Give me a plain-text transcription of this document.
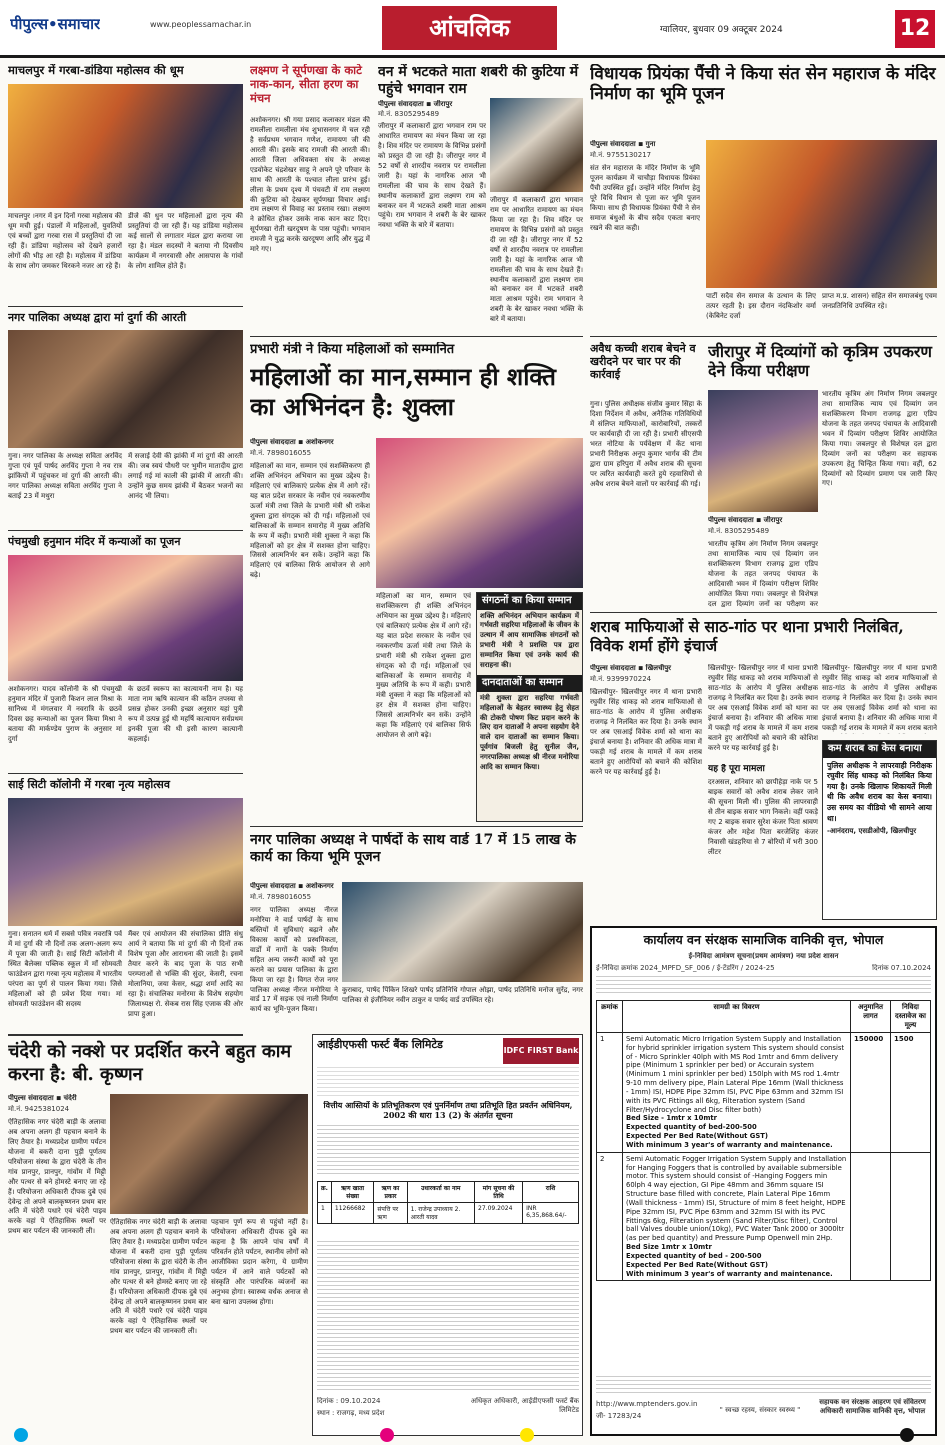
पीपुल्स•समाचार	www.peoplessamachar.in	आंचलिक	ग्वालियर, बुधवार 09 अक्टूबर 2024	12
माचलपुर में गरबा-डांडिया महोत्सव की धूम
माचलपुर ।नगर में इन दिनों गरबा महोत्सव की धूम मची हुई। पंडालों में महिलाओं, युवतियों एवं बच्चों द्वारा गरबा रास में प्रस्तुतियां दी जा रही हैं। डांडिया महोत्सव को देखने हजारों लोगों की भीड़ आ रही है। महोत्सव में डांडिया के साथ लोग जमकर थिरकने नजर आ रहे हैं।
डीजे की धुन पर महिलाओं द्वारा नृत्य की प्रस्तुतियां दी जा रही हैं। यह डांडिया महोत्सव कई सालों से लगातार मंडल द्वारा कराया जा रहा है। मंडल सदस्यों ने बताया नौ दिवसीय कार्यक्रम में नगरवासी और आसपास के गांवों के लोग शामिल होते हैं।
नगर पालिका अध्यक्ष द्वारा मां दुर्गा की आरती
गुना। नगर पालिका के अध्यक्ष सविता अरविंद गुप्ता एवं पूर्व पार्षद अरविंद गुप्ता ने नव रात्र झांकियों में पहुंचकर मां दुर्गा की आरती की। नगर पालिका अध्यक्ष सविता अरविंद गुप्ता ने बताई 23 में मथुरा
में सजाई देवी की झांकी में मां दुर्गा की आरती की। जब स्वयं पौधरी पर भुमीन मातादीय द्वारा लगाई गई मां काली की झांकी में आरती की। उन्होंने कुछ समय झांकी में बैठकर भजनों का आनंद भी लिया।
पंचमुखी हनुमान मंदिर में कन्याओं का पूजन
अशोकनगर। यादव कॉलोनी के श्री पंचमुखी हनुमान मंदिर में पुजारी किशन लाल मिश्रा के सानिध्य में मंगलवार में नवरात्रि के छठवें दिवस छह कन्याओं का पूजन किया मिश्रा ने बताया की मार्कण्डेय पुराण के अनुसार मां दुर्गा
के छठवें स्वरूप का कात्यायनी नाम है। यह माता नाम ऋषि कात्यान की कठिन तपस्या से प्रसन्न होकर उनकी इच्छा अनुसार यहां पुत्री रूप में उत्पन्न हुई थी महर्षि कात्यायन सर्वप्रथम इनकी पूजा की थी इसी कारण कात्यानी कहलाई।
साई सिटी कॉलोनी में गरबा नृत्य महोत्सव
गुना। सनातन धर्म में सबसे पवित्र नवरात्रि पर्व में मां दुर्गा की नौ दिनों तक अलग-अलग रूप में पूजा की जाती है। साई सिटी कॉलोनी में स्थित बैलेक्स पब्लिक स्कूल में माँ सोमवती फाउंडेशन द्वारा गरबा नृत्य महोत्सव में भारतीय परंपरा का पूर्ण से पालन किया गया। जिसे महिलाओं को ही प्रवेश दिया गया। मां सोमवती फाउंडेशन की सदस्य
मैंबर एवं आयोजन की संचालिका प्रीति संधु आर्य ने बताया कि मां दुर्गा की नौ दिनों तक विशेष पूजा और आराधना की जाती है। इसमें तैयार करने के बाद पूजा के पाठ सभी परम्पराओं से भक्ति की सुंदर, केसरी, रचना मोलानिया, जया केसर, श्रद्धा शर्मा आदि का रहा है। संचालिका मनोरमा के विशेष सहयोग जिलाध्यक्ष रो. सेकब रास सिंह एजाक की ओर प्रापा हुआ।
लक्ष्मण ने सूर्पणखा के काटे नाक-कान, सीता हरण का मंचन
अशोकनगर। श्री गया प्रसाद कलाकार मंडल की रामलीला रामलीला मंच शुभासनगर में चल रही है सर्वप्रथम भगवान गणेश, रामायण जी की आरती की। इसके बाद रामजी की आरती की। आरती जिला अधिवक्ता संघ के अध्यक्ष एडवोकेट चंद्रशेखर साहू ने अपने पूरे परिवार के साथ की आरती के पश्चात लीला प्रारंभ हुई। लीला के प्रथम दृश्य में पंचवटी में राम लक्ष्मण की कुटिया को देखकर सूर्पणखा विचार आई। राम लक्ष्मण से विवाह का प्रस्ताव रखा। लक्ष्मण ने क्रोधित होकर उसके नाक कान काट दिए। सूर्पणखा रोती खरदूषण के पास पहुंची। भगवान रामजी ने युद्ध करके खरदूषण आदि और युद्ध में मारे गए।
वन में भटकते माता शबरी की कुटिया में पहुंचे भगवान राम
पीपुल्स संवाददाता ◾ जीरापुर
मो.नं. 8305295489
जीरापुर में कलाकारों द्वारा भगवान राम पर आधारित रामायण का मंचन किया जा रहा है। शिव मंदिर पर रामायण के विभिन्न प्रसंगों को प्रस्तुत दी जा रही है। जीरापुर नगर में 52 वर्षों से शारदीय नवरात्र पर रामलीला जारी है। यहां के नागरिक आज भी रामलीला की चाव के साथ देखते हैं। स्थानीय कलाकारों द्वारा लक्ष्मण राम को बनाकर वन में भटकते शबरी माता आश्रम पहुंचे। राम भगवान ने शबरी के बेर खाकर नवधा भक्ति के बारे में बताया।
जीरापुर में कलाकारों द्वारा भगवान राम पर आधारित रामायण का मंचन किया जा रहा है। शिव मंदिर पर रामायण के विभिन्न प्रसंगों को प्रस्तुत दी जा रही है। जीरापुर नगर में 52 वर्षों से शारदीय नवरात्र पर रामलीला जारी है। यहां के नागरिक आज भी रामलीला की चाव के साथ देखते हैं। स्थानीय कलाकारों द्वारा लक्ष्मण राम को बनाकर वन में भटकते शबरी माता आश्रम पहुंचे। राम भगवान ने शबरी के बेर खाकर नवधा भक्ति के बारे में बताया।
प्रभारी मंत्री ने किया महिलाओं को सम्मानित
महिलाओं का मान,सम्मान ही शक्ति का अभिनंदन है: शुक्ला
पीपुल्स संवाददाता ◾ अशोकनगर
मो.नं. 7898016055
महिलाओं का मान, सम्मान एवं सशक्तिकरण ही शक्ति अभिनंदन अभियान का मुख्य उद्देश्य है। महिलाएं एवं बालिकाएं प्रत्येक क्षेत्र में आगे रहें। यह बात प्रदेश सरकार के नवीन एवं नवकरणीय ऊर्जा मंत्री तथा जिले के प्रभारी मंत्री श्री राकेश शुक्ला द्वारा संगठ्क को दी गई। महिलाओं एवं बालिकाओं के सम्मान समारोह में मुख्य अतिथि के रूप में कही। प्रभारी मंत्री शुक्ला ने कहा कि महिलाओं को हर क्षेत्र में सशक्त होना चाहिए। जिससे आत्मनिर्भर बन सकें। उन्होंने कहा कि महिलाएं एवं बालिका सिर्फ आयोजन से आगे बढ़े।
महिलाओं का मान, सम्मान एवं सशक्तिकरण ही शक्ति अभिनंदन अभियान का मुख्य उद्देश्य है। महिलाएं एवं बालिकाएं प्रत्येक क्षेत्र में आगे रहें। यह बात प्रदेश सरकार के नवीन एवं नवकरणीय ऊर्जा मंत्री तथा जिले के प्रभारी मंत्री श्री राकेश शुक्ला द्वारा संगठ्क को दी गई। महिलाओं एवं बालिकाओं के सम्मान समारोह में मुख्य अतिथि के रूप में कही। प्रभारी मंत्री शुक्ला ने कहा कि महिलाओं को हर क्षेत्र में सशक्त होना चाहिए। जिससे आत्मनिर्भर बन सकें। उन्होंने कहा कि महिलाएं एवं बालिका सिर्फ आयोजन से आगे बढ़े।
संगठनों का किया सम्मान
शक्ति अभिनंदन अभियान कार्यक्रम में गर्भवती सहरिया महिलाओं के जीवन के उत्थान में आय सामाजिक संगठनों को प्रभारी मंत्री ने प्रशस्ति पत्र द्वारा सम्मानित किया एवं उनके कार्य की सराहना की।
दानदाताओं का सम्मान
मंत्री शुक्ला द्वारा सहरिया गर्भवती महिलाओं के बेहतर स्वास्थ्य हेतु सेहत की टोकरी पोषण किट प्रदान करने के लिए दान दाताओं ने अपना सहयोग देने वाले दान दाताओं का सम्मान किया। पूर्वगांव बिजली हेतु सुनील जैन, नगरपालिका अध्यक्ष श्री नीरज मनोरिया आदि का सम्मान किया।
नगर पालिका अध्यक्ष ने पार्षदों के साथ वार्ड 17 में 15 लाख के कार्य का किया भूमि पूजन
पीपुल्स संवाददाता ◾ अशोकनगर
मो.नं. 7898016055
नगर पालिका अध्यक्ष नीरज मनोरिया ने वार्ड पार्षदों के साथ बस्तियों में सुविधाएं बढ़ाने और विकास कार्यों को प्रस्थमिकता, वार्डों में नागों के पक्के निर्माण सहित अन्य जरूरी कार्यों को पूरा कराने का प्रयास पालिका के द्वारा किया जा रहा है। विगत रोज नगर पालिका अध्यक्ष नीरज मनोरिया ने वार्ड 17 में सड़क एवं नाली निर्माण कार्य का भूमि-पूजन किया।
कुराबाद, पार्षद पिंकिन शिखरे पार्षद प्रतिनिधि गोपाल ओझा, पार्षद प्रतिनिधि मनोज सुरेंद्र, नगर पालिका से इंजीनियर नवीन ठाकुर व पार्षद वार्ड उपस्थित रहे।
विधायक प्रियंका पैंची ने किया संत सेन महाराज के मंदिर निर्माण का भूमि पूजन
पीपुल्स संवाददाता ◾ गुना
मो.नं. 9755130217
संत सेन महाराज के मंदिर निर्माण के भूमि पूजन कार्यक्रम में चाचौड़ा विधायक प्रियंका पैंची उपस्थित हुईं। उन्होंने मंदिर निर्माण हेतु पूरे विधि विधान से पूजा कर भूमि पूजन किया। साथ ही विधायक प्रियंका पैंची ने सेन समाज बंधुओं के बीच सदैव एकता बनाए रखने की बात कही।
पार्टी सदैव सेन समाज के उत्थान के लिए तत्पर रहती है। इस दौरान नंदकिशोर वर्मा (केबिनेट दर्जा
प्राप्त म.प्र. शासन) सहित सेन समाजबंधु एवम जनप्रतिनिधि उपस्थित रहे।
अवैध कच्ची शराब बेचने व खरीदने पर चार पर की कार्रवाई
गुना। पुलिस अधीक्षक संजीव कुमार सिंहा के दिशा निर्देशन में अवैध, अनैतिक गतिविधियों में संलिप्त माफियाओं, कारोबारियों, तस्करों पर कार्यवाही दी जा रही है। प्रभारी सीएसपी भरत नोटिया के पर्यवेक्षण में केंट थाना प्रभारी निरीक्षक अनूप कुमार भार्गव की टीम द्वारा ग्राम हरिपुरा में अवैध शराब की सूचना पर त्वरित कार्यवाही करते हुये रहवासियों से अवैध शराब बेचने वालों पर कार्रवाई की गई।
जीरापुर में दिव्यांगों को कृत्रिम उपकरण देने किया परीक्षण
पीपुल्स संवाददाता ◾ जीरापुर
मो.नं. 8305295489
भारतीय कृत्रिम अंग निर्माण निगम जबलपुर तथा सामाजिक न्याय एवं दिव्यांग जन सशक्तिकरण विभाग राजगढ़ द्वारा एडिप योजना के तहत जनपद पंचायत के आदिवासी भवन में दिव्यांग परीक्षण शिविर आयोजित किया गया। जबलपुर से विशेषज्ञ दल द्वारा दिव्यांग जनों का परीक्षण कर
भारतीय कृत्रिम अंग निर्माण निगम जबलपुर तथा सामाजिक न्याय एवं दिव्यांग जन सशक्तिकरण विभाग राजगढ़ द्वारा एडिप योजना के तहत जनपद पंचायत के आदिवासी भवन में दिव्यांग परीक्षण शिविर आयोजित किया गया। जबलपुर से विशेषज्ञ दल द्वारा दिव्यांग जनों का परीक्षण कर सहायक उपकरण हेतु चिन्हित किया गया। वहीं, 62 दिव्यांगों को दिव्यांग प्रमाण पत्र जारी किए गए।
शराब माफियाओं से साठ-गांठ पर थाना प्रभारी निलंबित, विवेक शर्मा होंगे इंचार्ज
पीपुल्स संवाददाता ◾ खिलचीपुर
मो.नं. 9399970224
खिलचीपुर- खिलचीपुर नगर में थाना प्रभारी रघुवीर सिंह धाकड़ को शराब माफियाओं से साठ-गांठ के आरोप में पुलिस अधीक्षक राजगढ़ ने निलंबित कर दिया है। उनके स्थान पर अब एसआई विवेक शर्मा को थाना का इंचार्ज बनाया है। शनिवार की अधिक मात्रा में पकड़ी गई शराब के मामले में कम शराब बताने हुए आरोपियों को बचाने की कोशिश करने पर यह कार्रवाई हुई है।
खिलचीपुर- खिलचीपुर नगर में थाना प्रभारी रघुवीर सिंह धाकड़ को शराब माफियाओं से साठ-गांठ के आरोप में पुलिस अधीक्षक राजगढ़ ने निलंबित कर दिया है। उनके स्थान पर अब एसआई विवेक शर्मा को थाना का इंचार्ज बनाया है। शनिवार की अधिक मात्रा में पकड़ी गई शराब के मामले में कम शराब बताने हुए आरोपियों को बचाने की कोशिश करने पर यह कार्रवाई हुई है।
यह है पूरा मामला
दरअसल, शनिवार को छापीहेड़ा नाके पर 5 बाइक सवारों को अवैध शराब लेकर जाने की सूचना मिली थी। पुलिस की लापरवाही से तीन बाइक सवार भाग निकले। वहीं पकड़े गए 2 बाइक सवार सुरेश कंजर पिता श्रावण कंजर और महेश पिता बरजेशिंह कंजर निवासी खंडहरिया से 7 बोरियों में भरी 300 लीटर
खिलचीपुर- खिलचीपुर नगर में थाना प्रभारी रघुवीर सिंह धाकड़ को शराब माफियाओं से साठ-गांठ के आरोप में पुलिस अधीक्षक राजगढ़ ने निलंबित कर दिया है। उनके स्थान पर अब एसआई विवेक शर्मा को थाना का इंचार्ज बनाया है। शनिवार की अधिक मात्रा में पकड़ी गई शराब के मामले में कम शराब बताने
कम शराब का केस बनाया
पुलिस अधीक्षक ने लापरवाही निरीक्षक रघुवीर सिंह धाकड़ को निलंबित किया गया है। उनके खिलाफ शिकायतें मिली थी कि अवैध शराब का केस बनाया। उस समय का वीडियो भी सामने आया था।
-आनंदराय, एसडीओपी, खिलचीपुर
चंदेरी को नक्शे पर प्रदर्शित करने बहुत काम करना है: बी. कृष्णन
पीपुल्स संवाददाता ◾ चंदेरी
मो.नं. 9425381024
ऐतिहासिक नगर चंदेरी बाड़ी के अलावा अब अपना अलग ही पहचान बनाने के लिए तैयार है। मध्यप्रदेश ग्रामीण पर्यटन योजना में बकरी दाना पुड़ी पूर्णतय परियोजना संस्था के द्वारा चंदेरी के तीन गांव प्रानपुर, प्रानपुर, गांवोंम में मिट्टी और पत्थर से बने होमस्टे बनाए जा रहे हैं। परियोजना अधिकारी दीपक दुबे एवं देवेन्द्र तो अपने बालकृष्णनन प्रथम बार अति में चंदेरी पधारे एवं चंदेरी पाइव करके वहां पे ऐतिहासिक स्थलों पर प्रथम बार पर्यटन की जानकारी ली।
ऐतिहासिक नगर चंदेरी बाड़ी के अलावा अब अपना अलग ही पहचान बनाने के लिए तैयार है। मध्यप्रदेश ग्रामीण पर्यटन योजना में बकरी दाना पुड़ी पूर्णतय परियोजना संस्था के द्वारा चंदेरी के तीन गांव प्रानपुर, प्रानपुर, गांवोंम में मिट्टी और पत्थर से बने होमस्टे बनाए जा रहे हैं। परियोजना अधिकारी दीपक दुबे एवं देवेन्द्र तो अपने बालकृष्णनन प्रथम बार अति में चंदेरी पधारे एवं चंदेरी पाइव करके वहां पे ऐतिहासिक स्थलों पर प्रथम बार पर्यटन की जानकारी ली।
पहचान पूर्ण रूप से पहुंचो नहीं है। परियोजना अधिकारी दीपक दुबे का कहना है कि आपने पांच वर्षों में परिवर्तन होते पर्यटन, स्थानीय लोगों को आजीविका प्रदान करेगा, ये ग्रामीण पर्यटन में आने वाले पर्यटकों को संस्कृति और पारंपरिक व्यंजनों का अनुभव होगा। स्वास्थ्य वर्धक अनाज से बना खाना उपलब्ध होगा।
आईडीएफसी फर्स्ट बैंक लिमिटेड	IDFC FIRST Bank
वित्तीय आस्तियों के प्रतिभूतिकरण एवं पुनर्निर्माण तथा प्रतिभूति हित प्रवर्तन अधिनियम, 2002 की धारा 13 (2) के अंतर्गत सूचना
क्र.	ऋण खाता संख्या	ऋण का प्रकार	उधारकर्ता का नाम	मांग सूचना की तिथि	राशि
1	11266682	संपत्ति पर ऋण	1. राजेन्द्र उपाध्याय 2. आरती यादव	27.09.2024	INR 6,35,868.64/-
दिनांक : 09.10.2024
स्थान : राजगढ़, मध्य प्रदेश
अधिकृत अधिकारी, आईडीएफसी फर्स्ट बैंक लिमिटेड
कार्यालय वन संरक्षक सामाजिक वानिकी वृत्त, भोपाल
ई-निविदा आमंत्रण सूचना(प्रथम आमंत्रण) नया प्रदेश शासन
ई-निविदा क्रमांक 2024_MPFD_SF_006 / ई-टेंडरिंग / 2024-25	दिनांक 07.10.2024
क्रमांक	सामग्री का विवरण	अनुमानित लागत	निविदा दस्तावेज का मूल्य
1	Semi Automatic Micro Irrigation System Supply and Installation for hybrid sprinkler irrigation system This system should consist of - Micro Sprinkler 40lph with MS Rod 1mtr and 6mm delivery pipe (Minimum 1 sprinkler per bed) or Accurain system (Minimum 1 mini sprinkler per bed) 150lph with MS rod 1.4mtr 9-10 mm delivery pipe, Plain Lateral Pipe 16mm (Wall thickness - 1mm) ISI, HDPE Pipe 32mm ISI, PVC Pipe 63mm and 32mm ISI with its PVC Fittings all 6kg, Filteration system (Sand Filter/Hydrocyclone and Disc filter both)
Bed Size - 1mtr x 10mtr
Expected quantity of bed-200-500
Expected Per Bed Rate(Without GST)
With minimum 3 year's of warranty and maintenance.	150000	1500
2	Semi Automatic Fogger Irrigation System Supply and Installation for Hanging Foggers that is controlled by available submersible motor. This system should consist of -Hanging Foggers min 60lph 4 way ejection, GI Pipe 48mm and 36mm square ISI Structure base filled with concrete, Plain Lateral Pipe 16mm (Wall thickness - 1mm) ISI, Structure of mim 8 feet height, HDPE Pipe 32mm ISI, PVC Pipe 63mm and 32mm ISI with its PVC Fittings 6kg, Filteration system (Sand Filter/Disc filter), Control ball Valves double union(10kg), PVC Water Tank 2000 or 3000ltr (as per bed quantity) and Pressure Pump Openwell min 2Hp.
Bed Size 1mtr x 10mtr
Expected quantity of bed - 200-500
Expected Per Bed Rate(Without GST)
With minimum 3 year's of warranty and maintenance.		

http://www.mptenders.gov.in
जी- 17283/24
" स्वच्छ रहस्य, संस्कार स्वस्थ्य "
सहायक वन संरक्षक आहरण एवं संवितरण अधिकारी सामाजिक वानिकी वृत्त, भोपाल
